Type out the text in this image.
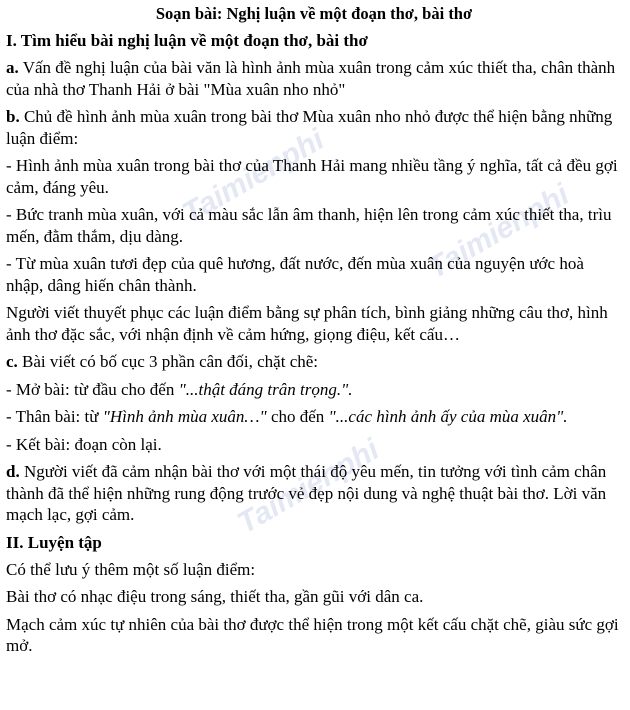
Taimienphi
Taimienphi
Taimienphi
Soạn bài: Nghị luận về một đoạn thơ, bài thơ
I. Tìm hiểu bài nghị luận về một đoạn thơ, bài thơ

a. Vấn đề nghị luận của bài văn là hình ảnh mùa xuân trong cảm xúc thiết tha, chân thành của nhà thơ Thanh Hải ở bài "Mùa xuân nho nhỏ"

b. Chủ đề hình ảnh mùa xuân trong bài thơ Mùa xuân nho nhỏ được thể hiện bằng những luận điểm:

- Hình ảnh mùa xuân trong bài thơ của Thanh Hải mang nhiều tầng ý nghĩa, tất cả đều gợi cảm, đáng yêu.

- Bức tranh mùa xuân, với cả màu sắc lẫn âm thanh, hiện lên trong cảm xúc thiết tha, trìu mến, đằm thắm, dịu dàng.

- Từ mùa xuân tươi đẹp của quê hương, đất nước, đến mùa xuân của nguyện ước hoà nhập, dâng hiến chân thành.

Người viết thuyết phục các luận điểm bằng sự phân tích, bình giảng những câu thơ, hình ảnh thơ đặc sắc, với nhận định về cảm hứng, giọng điệu, kết cấu…

c. Bài viết có bố cục 3 phần cân đối, chặt chẽ:

- Mở bài: từ đầu cho đến "...thật đáng trân trọng.".

- Thân bài: từ "Hình ảnh mùa xuân…" cho đến "...các hình ảnh ấy của mùa xuân".

- Kết bài: đoạn còn lại.

d. Người viết đã cảm nhận bài thơ với một thái độ yêu mến, tin tưởng với tình cảm chân thành đã thể hiện những rung động trước vẻ đẹp nội dung và nghệ thuật bài thơ. Lời văn mạch lạc, gợi cảm.

II. Luyện tập

Có thể lưu ý thêm một số luận điểm:

Bài thơ có nhạc điệu trong sáng, thiết tha, gần gũi với dân ca.

Mạch cảm xúc tự nhiên của bài thơ được thể hiện trong một kết cấu chặt chẽ, giàu sức gợi mở.
